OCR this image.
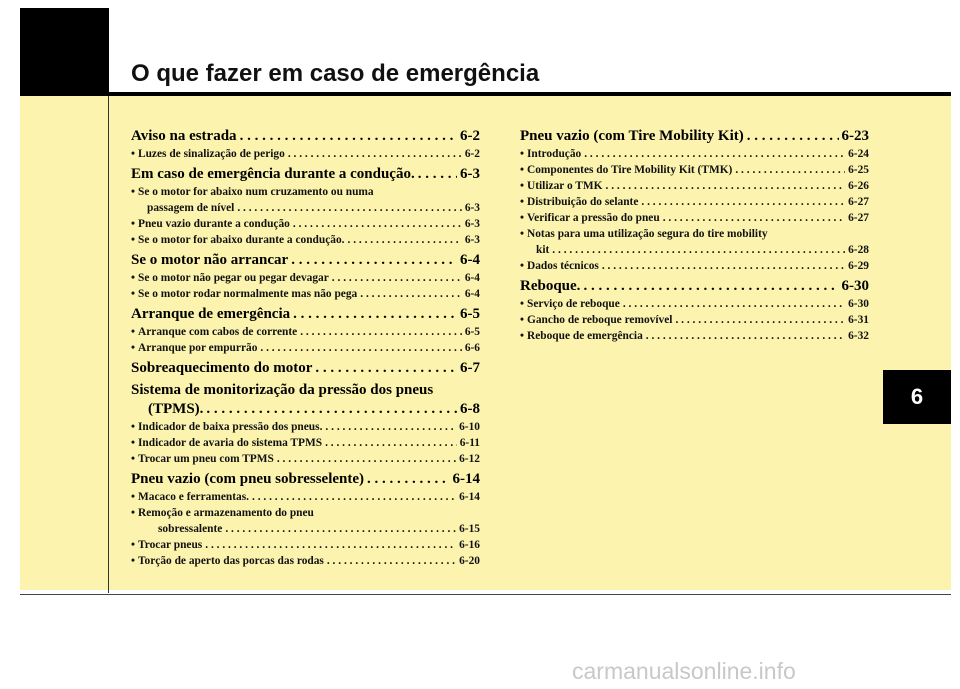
O que fazer em caso de emergência
6
Aviso na estrada . . .	6-2
• Luzes de sinalização de perigo . . .	6-2
Em caso de emergência durante a condução. . . .	6-3
• Se o motor for abaixo num cruzamento ou numa
passagem de nível . . .	6-3
• Pneu vazio durante a condução . . .	6-3
• Se o motor for abaixo durante a condução. . . .	6-3
Se o motor não arrancar . . .	6-4
• Se o motor não pegar ou pegar devagar . . .	6-4
• Se o motor rodar normalmente mas não pega . . .	6-4
Arranque de emergência . . .	6-5
• Arranque com cabos de corrente . . .	6-5
• Arranque por empurrão . . .	6-6
Sobreaquecimento do motor . . .	6-7
Sistema de monitorização da pressão dos pneus
(TPMS). . . .	6-8
• Indicador de baixa pressão dos pneus. . . .	6-10
• Indicador de avaria do sistema TPMS . . .	6-11
• Trocar um pneu com TPMS . . .	6-12
Pneu vazio (com pneu sobresselente) . . .	6-14
• Macaco e ferramentas. . . .	6-14
• Remoção e armazenamento do pneu
sobressalente . . .	6-15
• Trocar pneus . . .	6-16
• Torção de aperto das porcas das rodas . . .	6-20
Pneu vazio (com Tire Mobility Kit) . . .	6-23
• Introdução . . .	6-24
• Componentes do Tire Mobility Kit (TMK) . . .	6-25
• Utilizar o TMK . . .	6-26
• Distribuição do selante . . .	6-27
• Verificar a pressão do pneu . . .	6-27
• Notas para uma utilização segura do tire mobility
kit . . .	6-28
• Dados técnicos . . .	6-29
Reboque. . . .	6-30
• Serviço de reboque . . .	6-30
• Gancho de reboque removível . . .	6-31
• Reboque de emergência . . .	6-32
carmanualsonline.info
